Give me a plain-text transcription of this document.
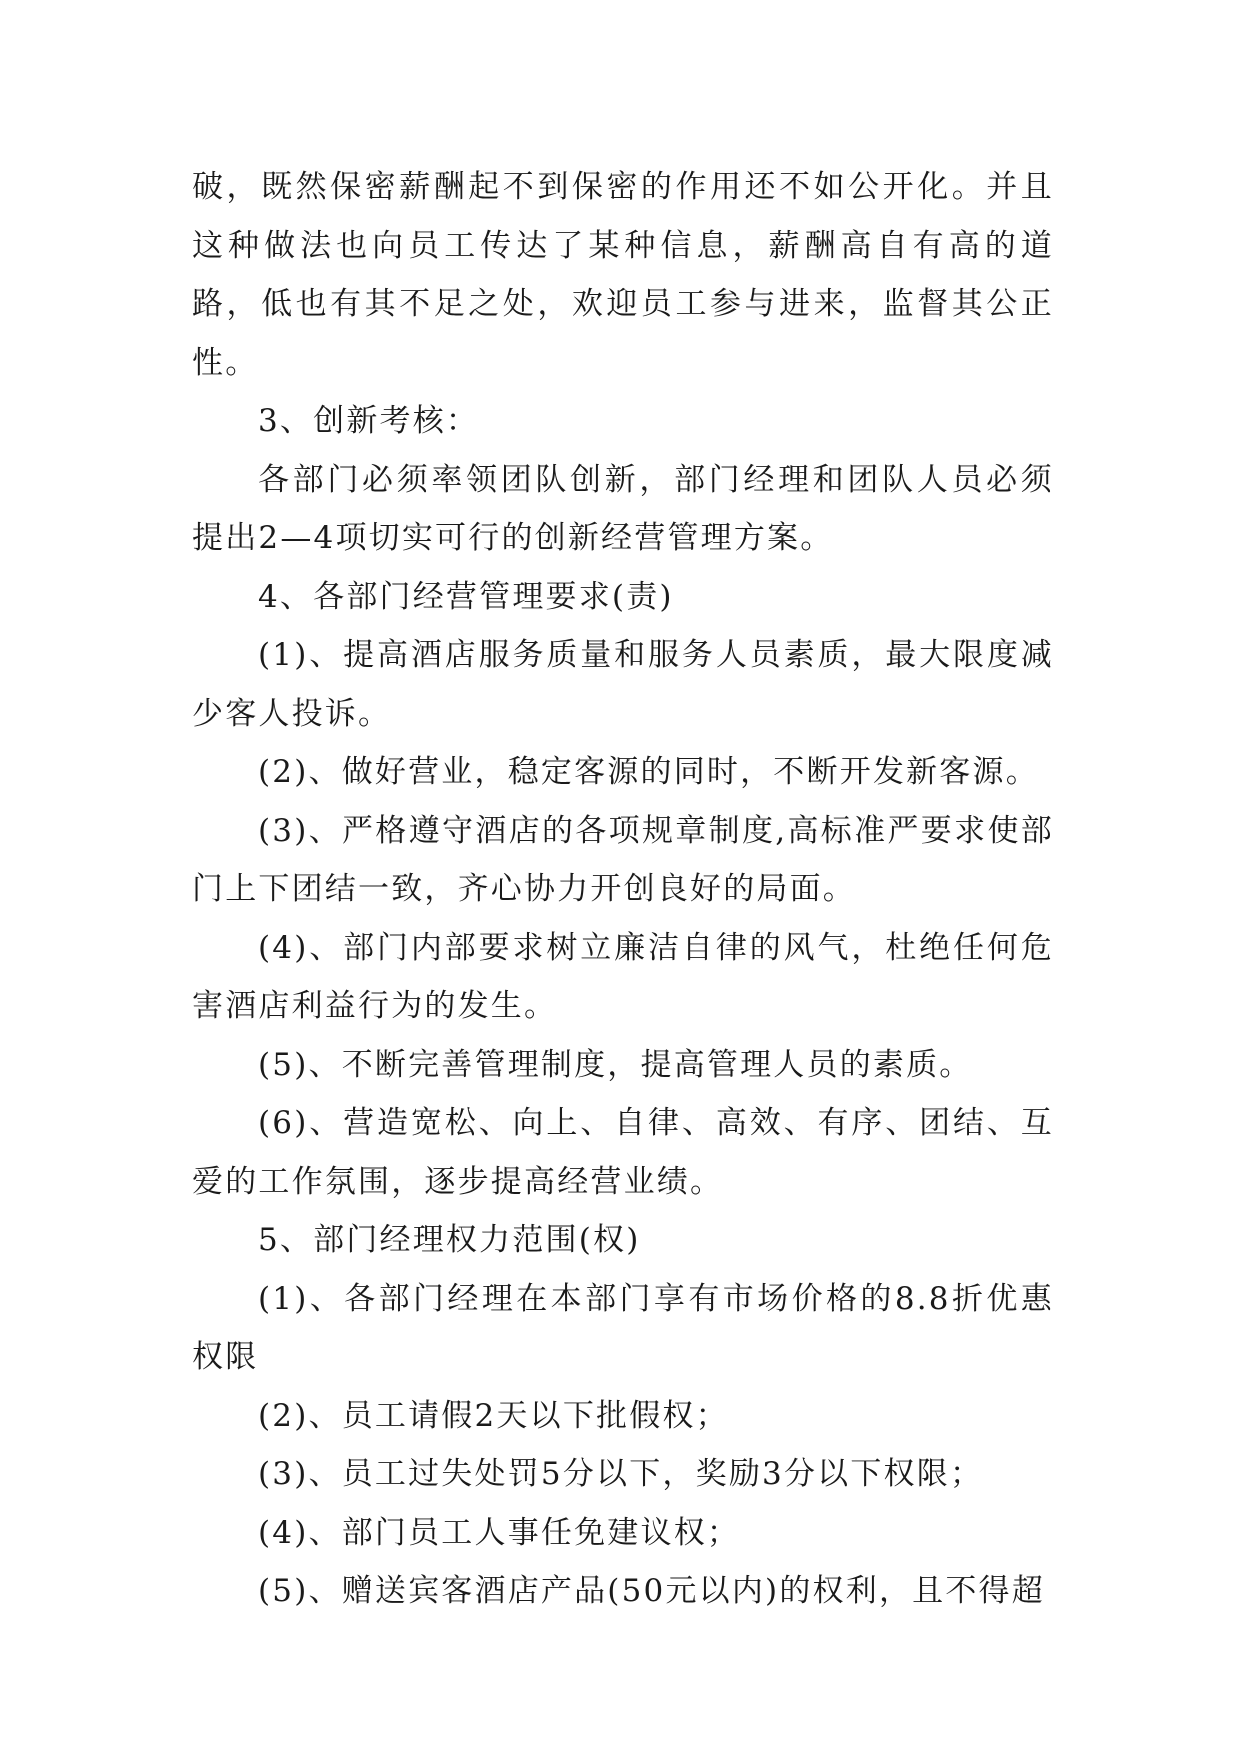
破，既然保密薪酬起不到保密的作用还不如公开化。并且这种做法也向员工传达了某种信息，薪酬高自有高的道路，低也有其不足之处，欢迎员工参与进来，监督其公正性。

3、创新考核：

各部门必须率领团队创新，部门经理和团队人员必须提出2—4项切实可行的创新经营管理方案。

4、各部门经营管理要求(责)

(1)、提高酒店服务质量和服务人员素质，最大限度减少客人投诉。

(2)、做好营业，稳定客源的同时，不断开发新客源。

(3)、严格遵守酒店的各项规章制度,高标准严要求使部门上下团结一致，齐心协力开创良好的局面。

(4)、部门内部要求树立廉洁自律的风气，杜绝任何危害酒店利益行为的发生。

(5)、不断完善管理制度，提高管理人员的素质。

(6)、营造宽松、向上、自律、高效、有序、团结、互爱的工作氛围，逐步提高经营业绩。

5、部门经理权力范围(权)

(1)、各部门经理在本部门享有市场价格的8.8折优惠权限

(2)、员工请假2天以下批假权；

(3)、员工过失处罚5分以下，奖励3分以下权限；

(4)、部门员工人事任免建议权；

(5)、赠送宾客酒店产品(50元以内)的权利，且不得超
